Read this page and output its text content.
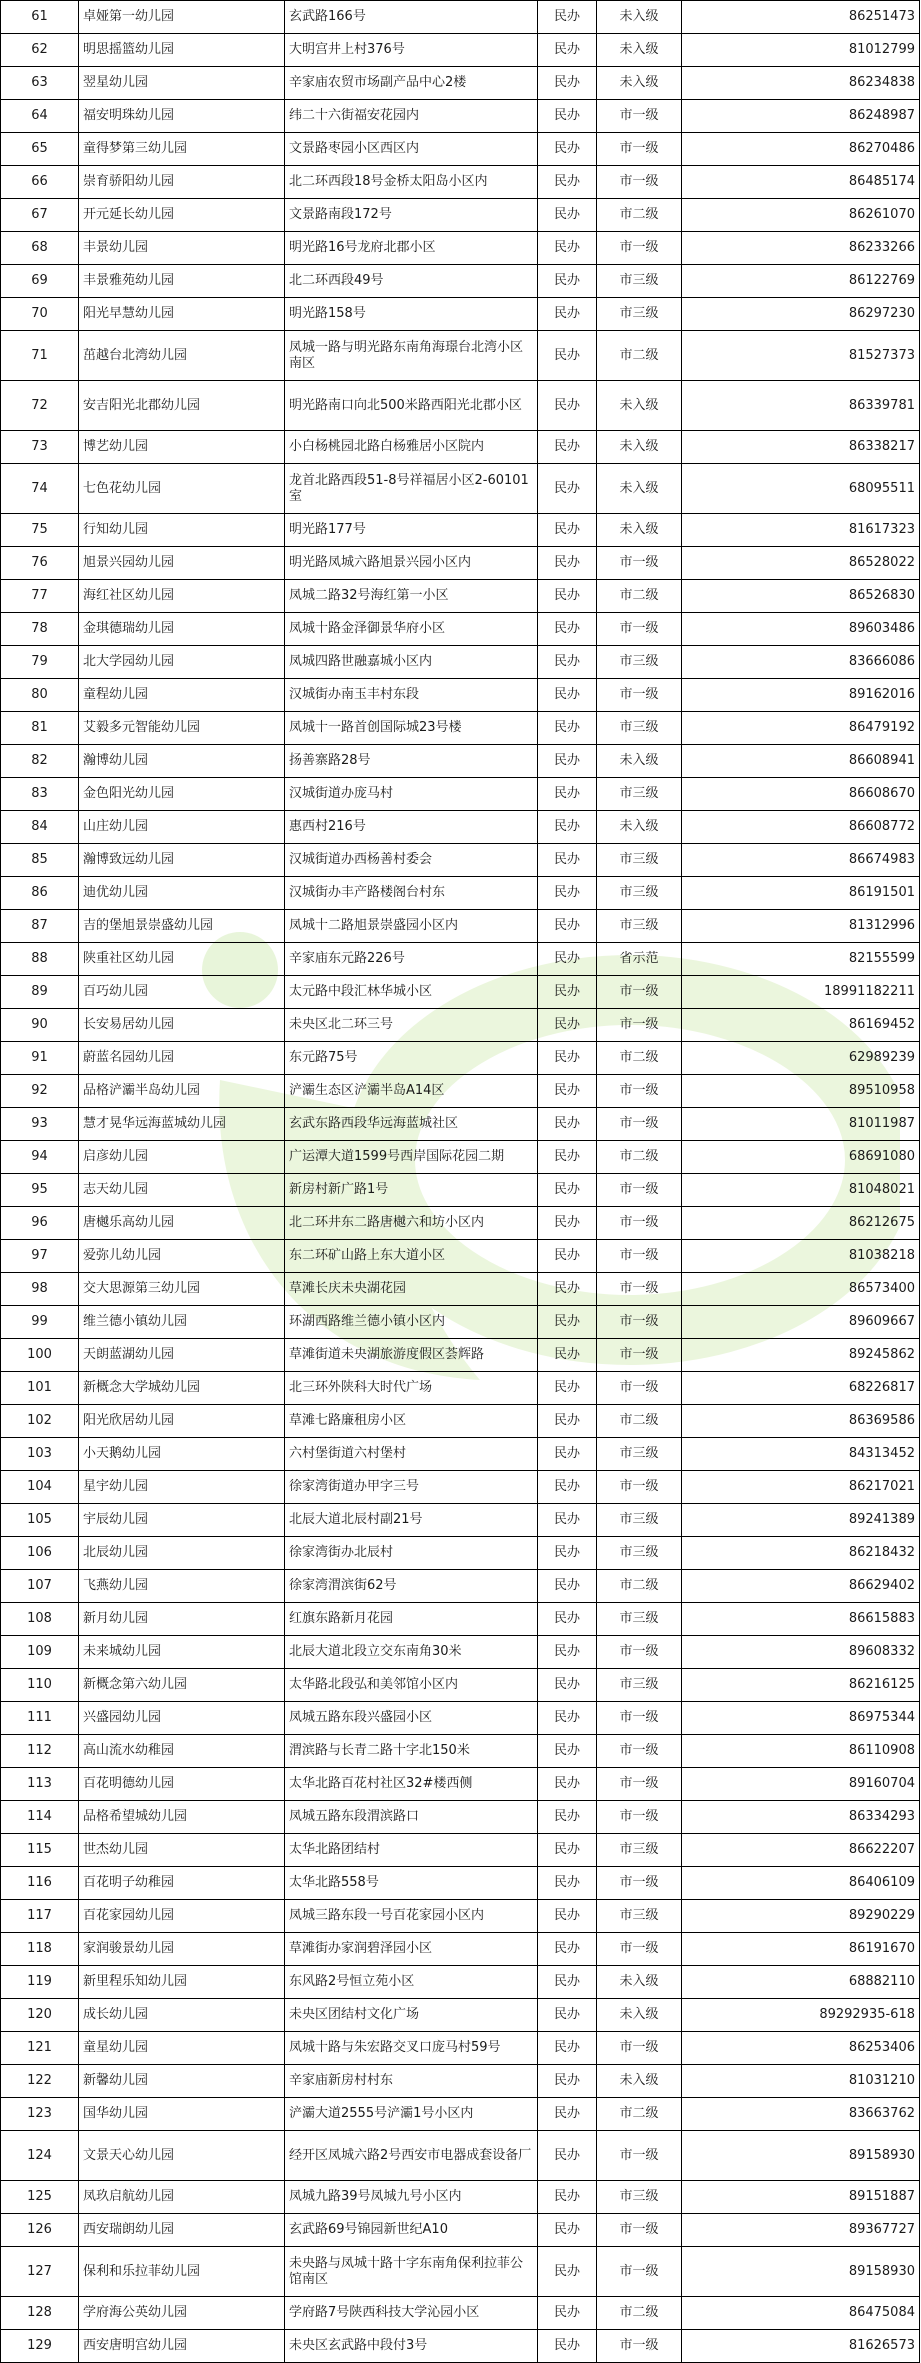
61	卓娅第一幼儿园	玄武路166号	民办	未入级	86251473
62	明思摇篮幼儿园	大明宫井上村376号	民办	未入级	81012799
63	翌星幼儿园	辛家庙农贸市场副产品中心2楼	民办	未入级	86234838
64	福安明珠幼儿园	纬二十六街福安花园内	民办	市一级	86248987
65	童得梦第三幼儿园	文景路枣园小区西区内	民办	市一级	86270486
66	崇育骄阳幼儿园	北二环西段18号金桥太阳岛小区内	民办	市一级	86485174
67	开元延长幼儿园	文景路南段172号	民办	市二级	86261070
68	丰景幼儿园	明光路16号龙府北郡小区	民办	市一级	86233266
69	丰景雅苑幼儿园	北二环西段49号	民办	市三级	86122769
70	阳光早慧幼儿园	明光路158号	民办	市三级	86297230
71	茁越台北湾幼儿园	凤城一路与明光路东南角海璟台北湾小区南区	民办	市二级	81527373
72	安吉阳光北郡幼儿园	明光路南口向北500米路西阳光北郡小区	民办	未入级	86339781
73	博艺幼儿园	小白杨桃园北路白杨雅居小区院内	民办	未入级	86338217
74	七色花幼儿园	龙首北路西段51-8号祥福居小区2-60101室	民办	未入级	68095511
75	行知幼儿园	明光路177号	民办	未入级	81617323
76	旭景兴园幼儿园	明光路凤城六路旭景兴园小区内	民办	市一级	86528022
77	海红社区幼儿园	凤城二路32号海红第一小区	民办	市二级	86526830
78	金琪德瑞幼儿园	凤城十路金泽御景华府小区	民办	市一级	89603486
79	北大学园幼儿园	凤城四路世融嘉城小区内	民办	市三级	83666086
80	童程幼儿园	汉城街办南玉丰村东段	民办	市一级	89162016
81	艾毅多元智能幼儿园	凤城十一路首创国际城23号楼	民办	市三级	86479192
82	瀚博幼儿园	扬善寨路28号	民办	未入级	86608941
83	金色阳光幼儿园	汉城街道办庞马村	民办	市三级	86608670
84	山庄幼儿园	惠西村216号	民办	未入级	86608772
85	瀚博致远幼儿园	汉城街道办西杨善村委会	民办	市三级	86674983
86	迪优幼儿园	汉城街办丰产路楼阁台村东	民办	市三级	86191501
87	吉的堡旭景崇盛幼儿园	凤城十二路旭景崇盛园小区内	民办	市三级	81312996
88	陕重社区幼儿园	辛家庙东元路226号	民办	省示范	82155599
89	百巧幼儿园	太元路中段汇林华城小区	民办	市一级	18991182211
90	长安易居幼儿园	未央区北二环三号	民办	市一级	86169452
91	蔚蓝名园幼儿园	东元路75号	民办	市二级	62989239
92	品格浐灞半岛幼儿园	浐灞生态区浐灞半岛A14区	民办	市一级	89510958
93	慧才晃华远海蓝城幼儿园	玄武东路西段华远海蓝城社区	民办	市一级	81011987
94	启彦幼儿园	广运潭大道1599号西岸国际花园二期	民办	市二级	68691080
95	志天幼儿园	新房村新广路1号	民办	市一级	81048021
96	唐樾乐高幼儿园	北二环井东二路唐樾六和坊小区内	民办	市一级	86212675
97	爱弥儿幼儿园	东二环矿山路上东大道小区	民办	市一级	81038218
98	交大思源第三幼儿园	草滩长庆未央湖花园	民办	市一级	86573400
99	维兰德小镇幼儿园	环湖西路维兰德小镇小区内	民办	市一级	89609667
100	天朗蓝湖幼儿园	草滩街道未央湖旅游度假区荟辉路	民办	市一级	89245862
101	新概念大学城幼儿园	北三环外陕科大时代广场	民办	市一级	68226817
102	阳光欣居幼儿园	草滩七路廉租房小区	民办	市二级	86369586
103	小天鹅幼儿园	六村堡街道六村堡村	民办	市三级	84313452
104	星宇幼儿园	徐家湾街道办甲字三号	民办	市一级	86217021
105	宇辰幼儿园	北辰大道北辰村副21号	民办	市三级	89241389
106	北辰幼儿园	徐家湾街办北辰村	民办	市三级	86218432
107	飞燕幼儿园	徐家湾渭滨街62号	民办	市二级	86629402
108	新月幼儿园	红旗东路新月花园	民办	市三级	86615883
109	未来城幼儿园	北辰大道北段立交东南角30米	民办	市一级	89608332
110	新概念第六幼儿园	太华路北段弘和美邻馆小区内	民办	市三级	86216125
111	兴盛园幼儿园	凤城五路东段兴盛园小区	民办	市一级	86975344
112	高山流水幼稚园	渭滨路与长青二路十字北150米	民办	市一级	86110908
113	百花明德幼儿园	太华北路百花村社区32#楼西侧	民办	市一级	89160704
114	品格希望城幼儿园	凤城五路东段渭滨路口	民办	市一级	86334293
115	世杰幼儿园	太华北路团结村	民办	市三级	86622207
116	百花明子幼稚园	太华北路558号	民办	市一级	86406109
117	百花家园幼儿园	凤城三路东段一号百花家园小区内	民办	市三级	89290229
118	家润骏景幼儿园	草滩街办家润碧泽园小区	民办	市一级	86191670
119	新里程乐知幼儿园	东风路2号恒立苑小区	民办	未入级	68882110
120	成长幼儿园	未央区团结村文化广场	民办	未入级	89292935-618
121	童星幼儿园	凤城十路与朱宏路交叉口庞马村59号	民办	市一级	86253406
122	新馨幼儿园	辛家庙新房村村东	民办	未入级	81031210
123	国华幼儿园	浐灞大道2555号浐灞1号小区内	民办	市二级	83663762
124	文景天心幼儿园	经开区凤城六路2号西安市电器成套设备厂	民办	市一级	89158930
125	凤玖启航幼儿园	凤城九路39号凤城九号小区内	民办	市三级	89151887
126	西安瑞朗幼儿园	玄武路69号锦园新世纪A10	民办	市一级	89367727
127	保利和乐拉菲幼儿园	未央路与凤城十路十字东南角保利拉菲公馆南区	民办	市一级	89158930
128	学府海公英幼儿园	学府路7号陕西科技大学沁园小区	民办	市二级	86475084
129	西安唐明宫幼儿园	未央区玄武路中段付3号	民办	市一级	81626573
